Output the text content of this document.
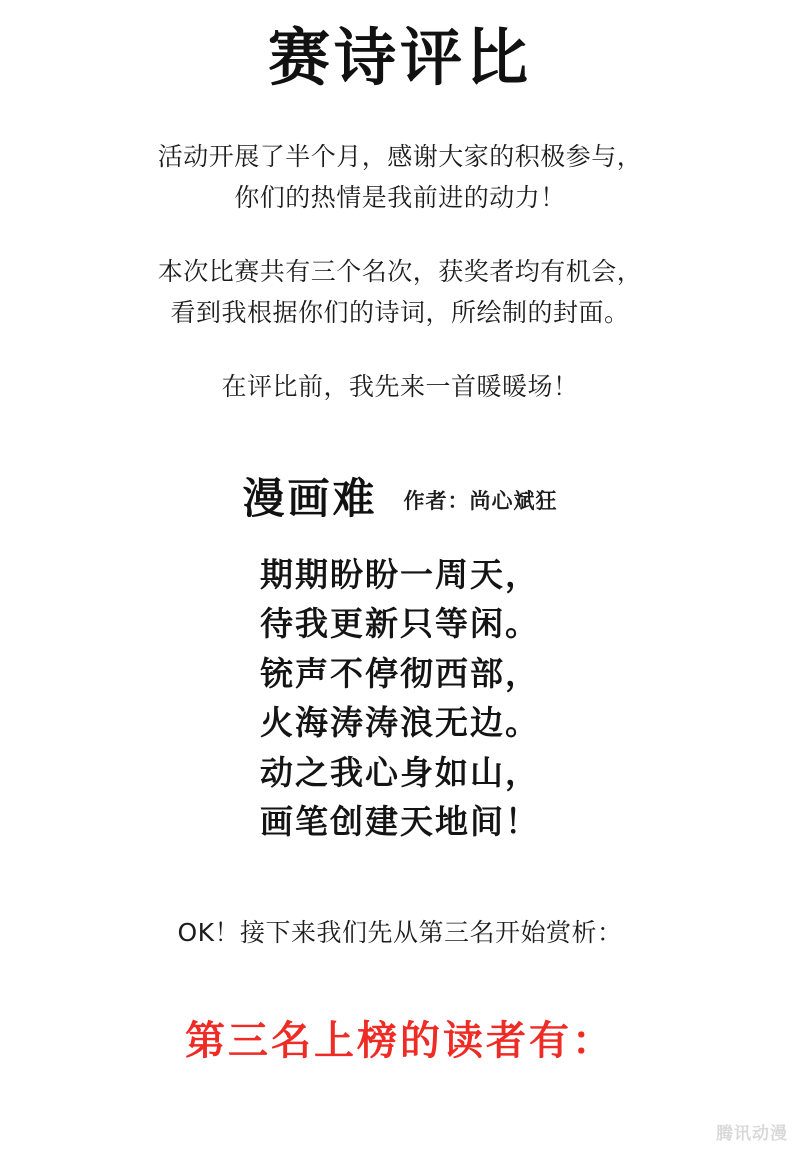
赛诗评比

活动开展了半个月，感谢大家的积极参与，

你们的热情是我前进的动力！

本次比赛共有三个名次，获奖者均有机会，

看到我根据你们的诗词，所绘制的封面。

在评比前，我先来一首暖暖场！

漫画难 作者：尚心斌狂
期期盼盼一周天，
待我更新只等闲。
铳声不停彻西部，
火海涛涛浪无边。
动之我心身如山，
画笔创建天地间！
OK！接下来我们先从第三名开始赏析：
第三名上榜的读者有：
腾讯动漫
